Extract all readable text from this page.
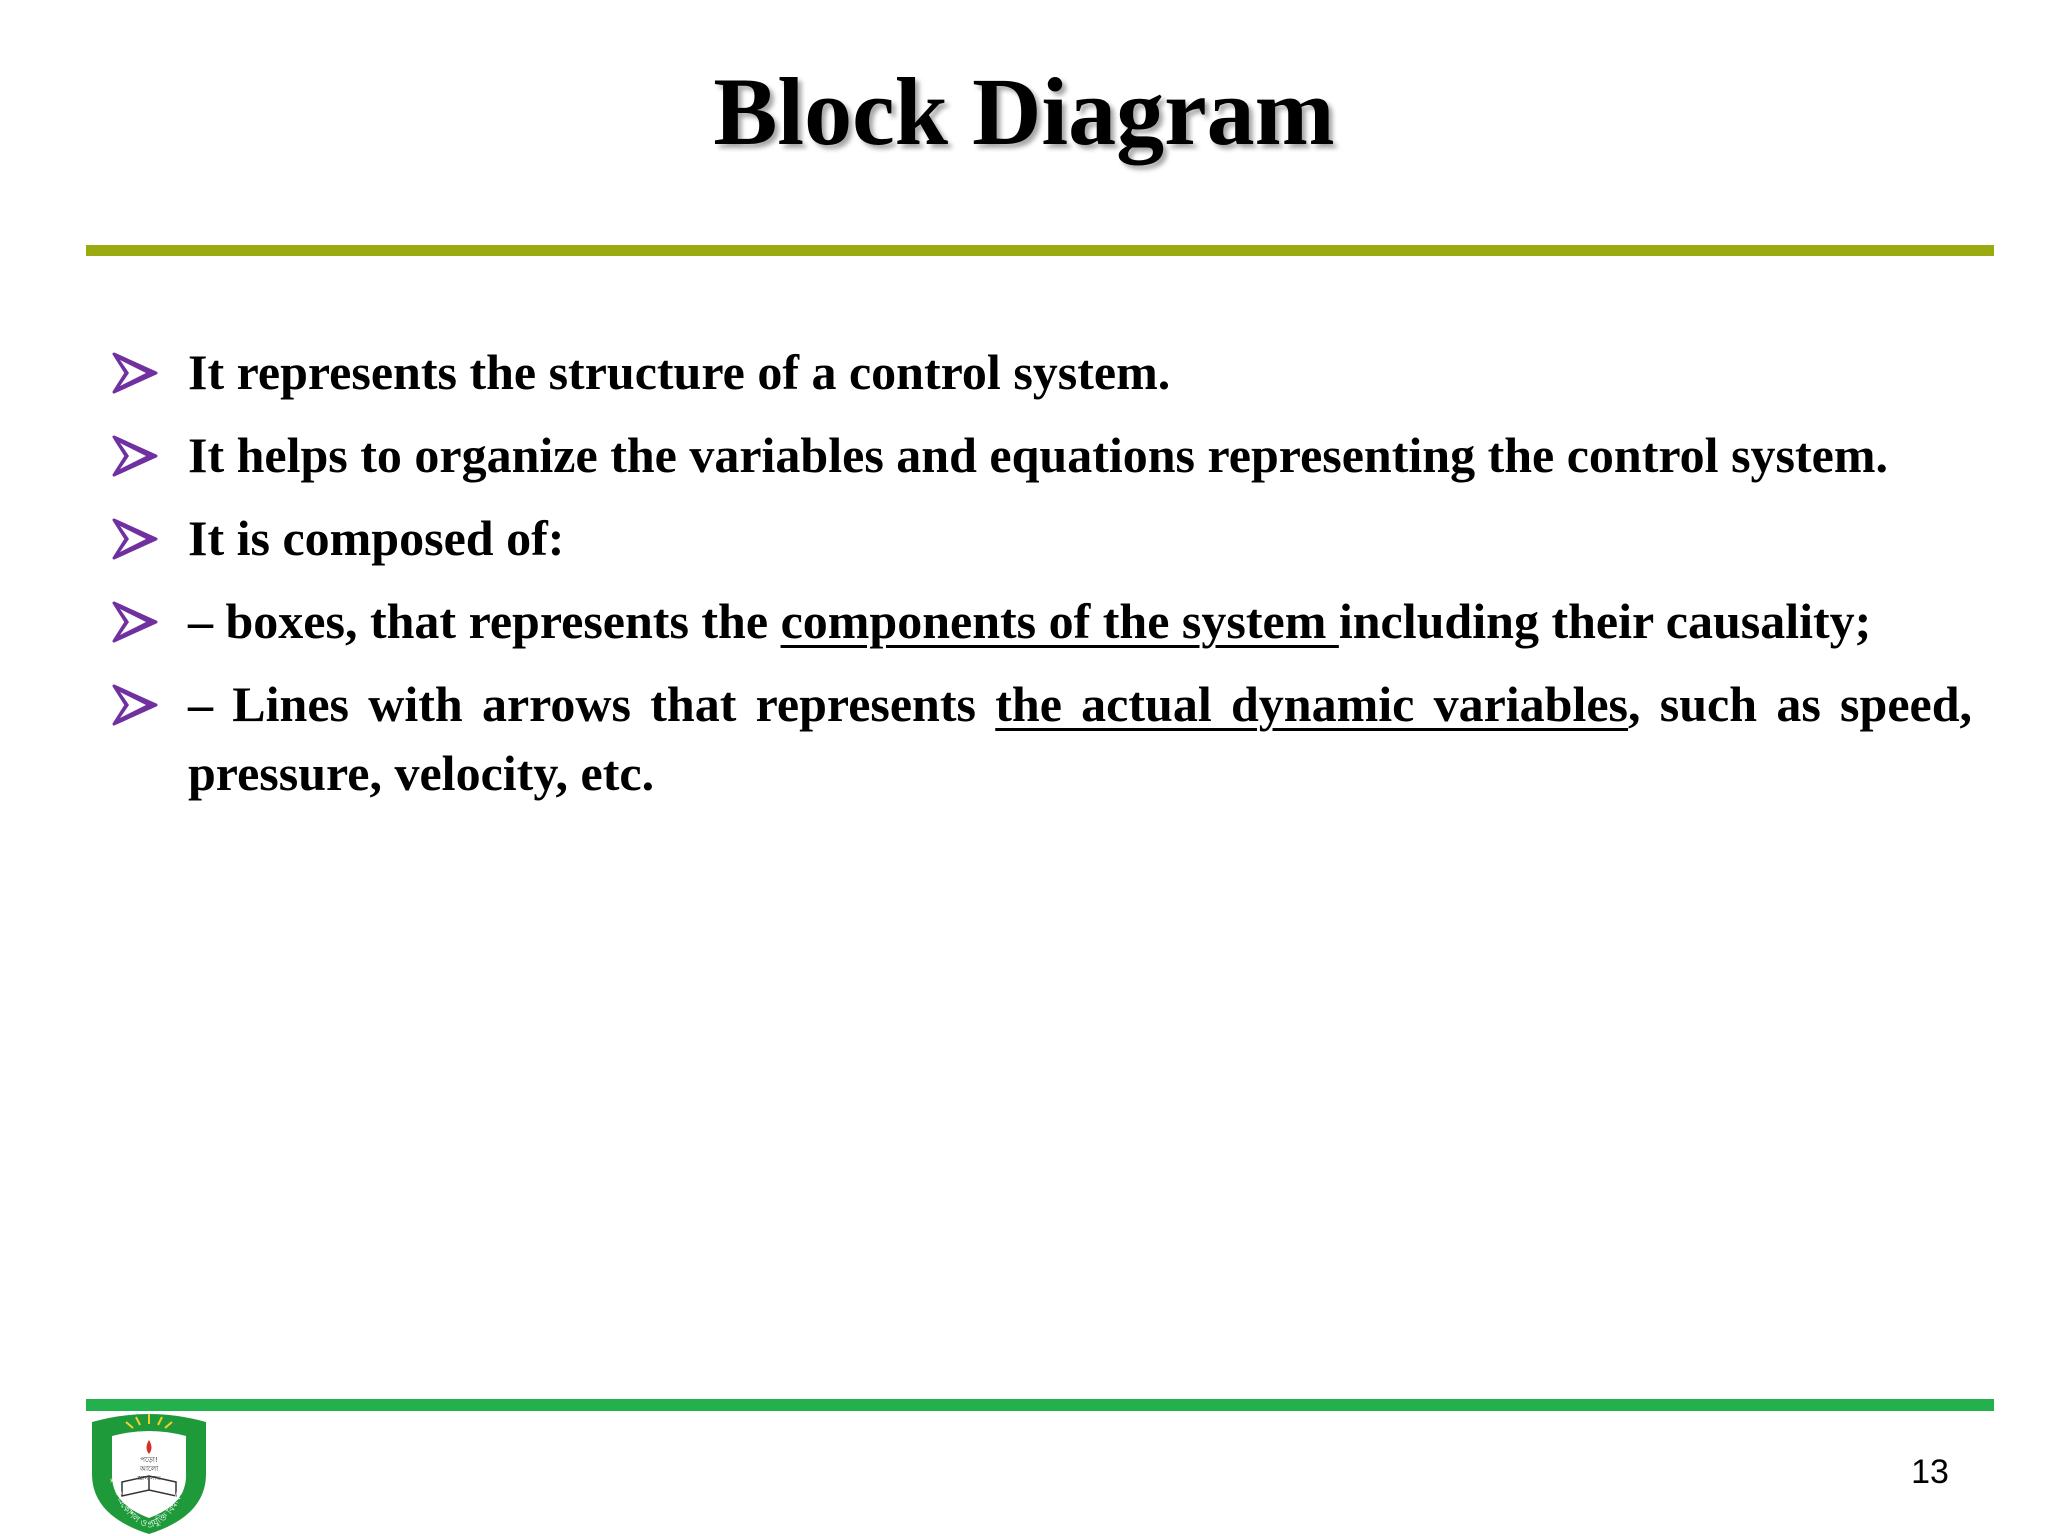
Block Diagram
It represents the structure of a control system.
It helps to organize the variables and equations representing the control system.
It is composed of:
– boxes, that represents the components of the system including their causality;
– Lines with arrows that represents the actual dynamic variables, such as speed, pressure, velocity, etc.
পড়ো!
আলো
জ্ঞান লাভ
খুলনা প্রকৌশল ও প্রযুক্তি বিশ্ববিদ্যালয়	13
